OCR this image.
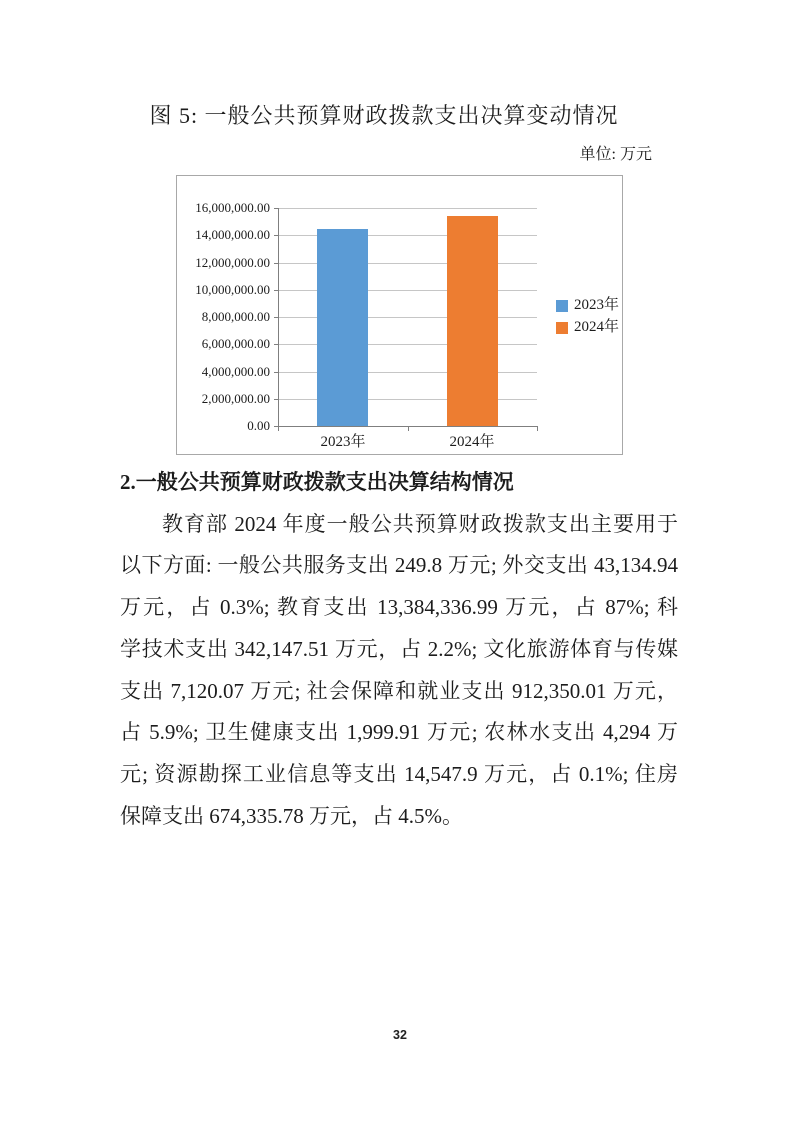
图 5: 一般公共预算财政拨款支出决算变动情况
单位: 万元
2023年
2024年
16,000,000.00
14,000,000.00
12,000,000.00
10,000,000.00
8,000,000.00
6,000,000.00
4,000,000.00
2,000,000.00
0.00
2023年	2024年
2.一般公共预算财政拨款支出决算结构情况
教育部 2024 年度一般公共预算财政拨款支出主要用于
以下方面: 一般公共服务支出 249.8 万元; 外交支出 43,134.94
万元，占 0.3%; 教育支出 13,384,336.99 万元，占 87%; 科
学技术支出 342,147.51 万元，占 2.2%; 文化旅游体育与传媒
支出 7,120.07 万元; 社会保障和就业支出 912,350.01 万元，
占 5.9%; 卫生健康支出 1,999.91 万元; 农林水支出 4,294 万
元; 资源勘探工业信息等支出 14,547.9 万元，占 0.1%; 住房
保障支出 674,335.78 万元，占 4.5%。
32
